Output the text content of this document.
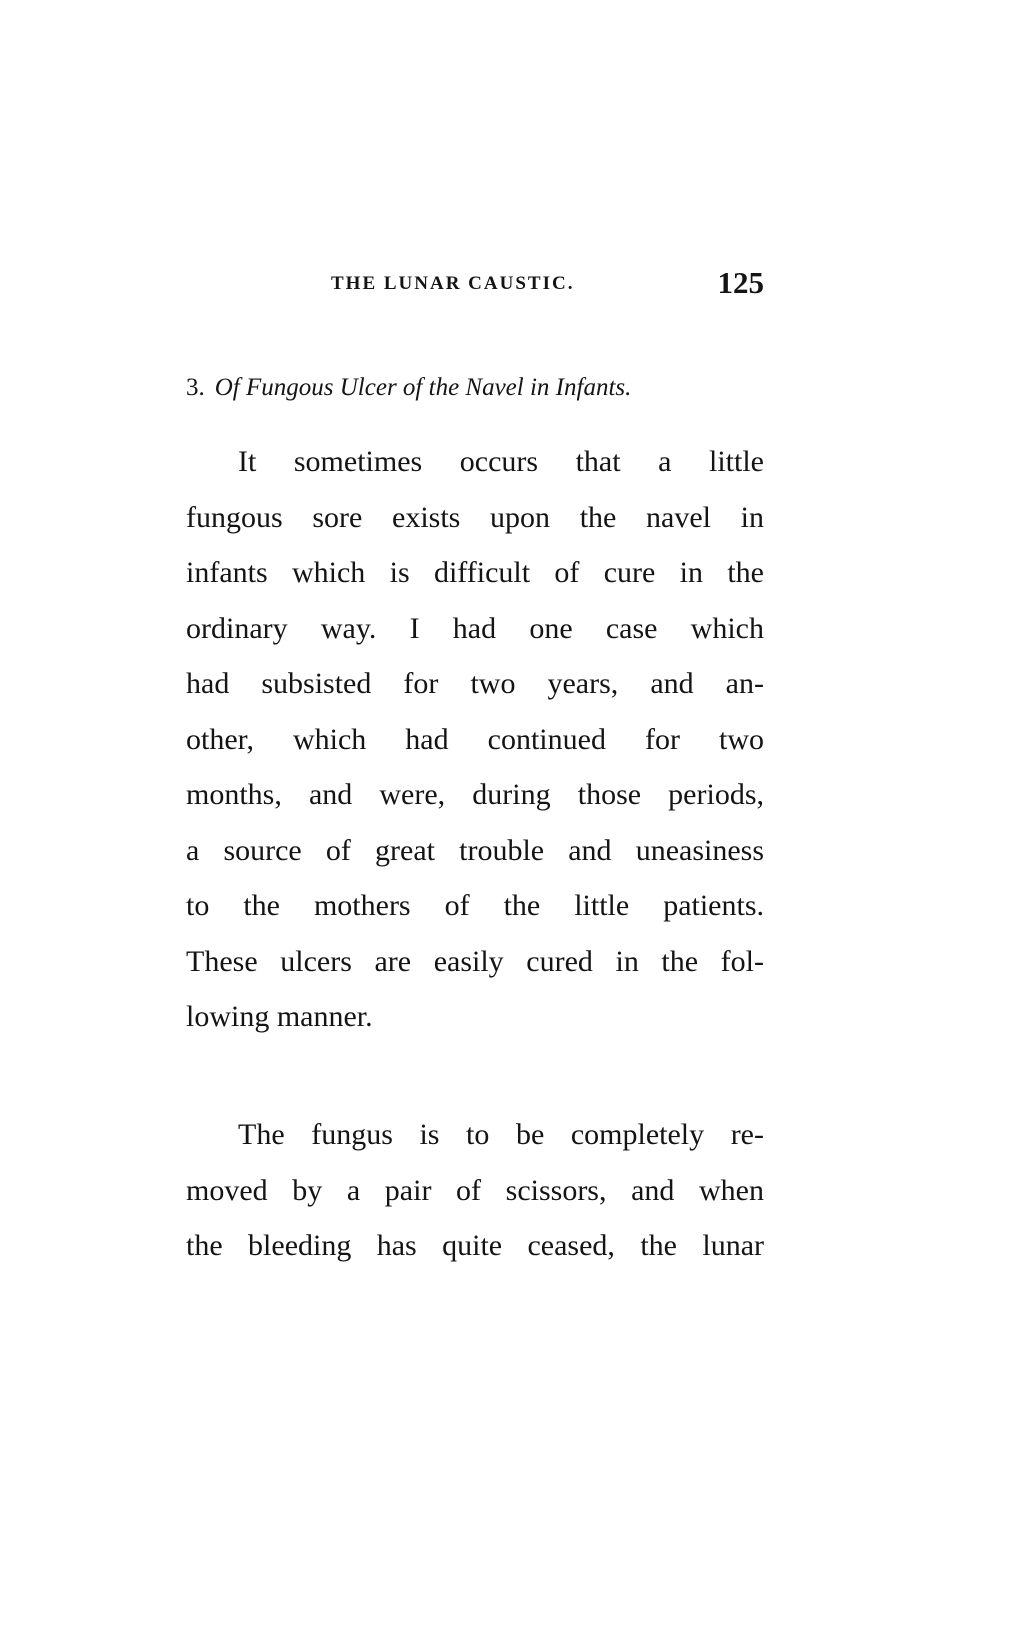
THE LUNAR CAUSTIC.	125
3. Of Fungous Ulcer of the Navel in Infants.
It sometimes occurs that a little
fungous sore exists upon the navel in
infants which is difficult of cure in the
ordinary way. I had one case which
had subsisted for two years, and an-
other, which had continued for two
months, and were, during those periods,
a source of great trouble and uneasiness
to the mothers of the little patients.
These ulcers are easily cured in the fol-
lowing manner.
The fungus is to be completely re-
moved by a pair of scissors, and when
the bleeding has quite ceased, the lunar
